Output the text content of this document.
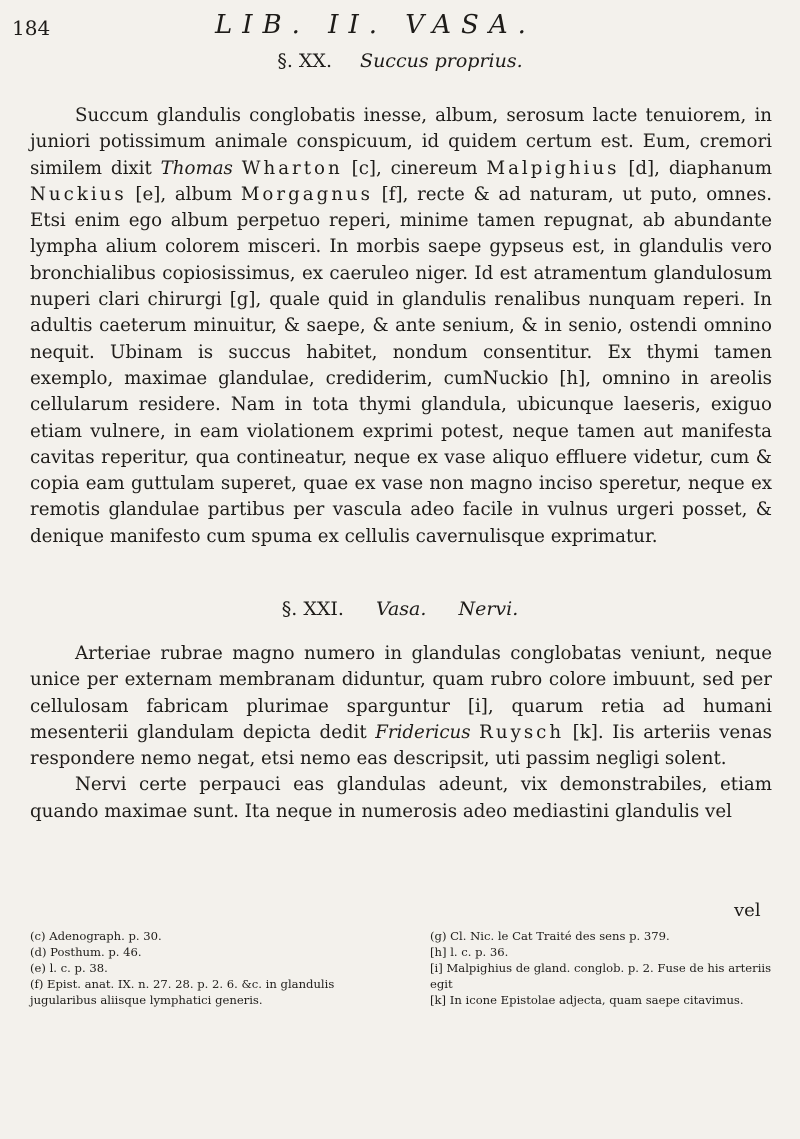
184	LIB. II. VASA.
§. XX. Succus proprius.

Succum glandulis conglobatis inesse, album, serosum lacte tenuiorem, in juniori potissimum animale conspicuum, id quidem certum est. Eum, cremori similem dixit Thomas Wharton [c], cinereum Malpighius [d], diaphanum Nuckius [e], album Morgagnus [f], recte & ad naturam, ut puto, omnes. Etsi enim ego album perpetuo reperi, minime tamen repugnat, ab abundante lympha alium colorem misceri. In morbis saepe gypseus est, in glandulis vero bronchialibus copiosissimus, ex caeruleo niger. Id est atramentum glandulosum nuperi clari chirurgi [g], quale quid in glandulis renalibus nunquam reperi. In adultis caeterum minuitur, & saepe, & ante senium, & in senio, ostendi omnino nequit. Ubinam is succus habitet, nondum consentitur. Ex thymi tamen exemplo, maximae glandulae, crediderim, cumNuckio [h], omnino in areolis cellularum residere. Nam in tota thymi glandula, ubicunque laeseris, exiguo etiam vulnere, in eam violationem exprimi potest, neque tamen aut manifesta cavitas reperitur, qua contineatur, neque ex vase aliquo effluere videtur, cum & copia eam guttulam superet, quae ex vase non magno inciso speretur, neque ex remotis glandulae partibus per vascula adeo facile in vulnus urgeri posset, & denique manifesto cum spuma ex cellulis cavernulisque exprimatur.

§. XXI. Vasa. Nervi.

Arteriae rubrae magno numero in glandulas conglobatas veniunt, neque unice per externam membranam diduntur, quam rubro colore imbuunt, sed per cellulosam fabricam plurimae sparguntur [i], quarum retia ad humani mesenterii glandulam depicta dedit Fridericus Ruysch [k]. Iis arteriis venas respondere nemo negat, etsi nemo eas descripsit, uti passim negligi solent.

Nervi certe perpauci eas glandulas adeunt, vix demonstrabiles, etiam quando maximae sunt. Ita neque in numerosis adeo mediastini glandulis vel

vel
(c) Adenograph. p. 30.
(d) Posthum. p. 46.
(e) l. c. p. 38.
(f) Epist. anat. IX. n. 27. 28. p. 2. 6. &c. in glandulis jugularibus aliisque lymphatici generis.
(g) Cl. Nic. le Cat Traité des sens p. 379.
[h] l. c. p. 36.
[i] Malpighius de gland. conglob. p. 2. Fuse de his arteriis egit
[k] In icone Epistolae adjecta, quam saepe citavimus.
